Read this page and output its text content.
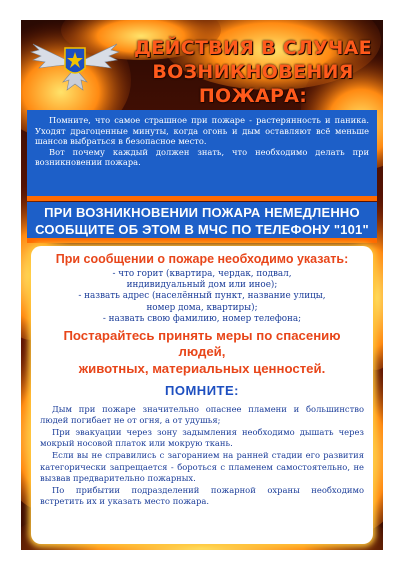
ДЕЙСТВИЯ В СЛУЧАЕ
ВОЗНИКНОВЕНИЯ ПОЖАРА:

Помните, что самое страшное при пожаре - растерянность и паника. Уходят драгоценные минуты, когда огонь и дым оставляют всё меньше шансов выбраться в безопасное место.

Вот почему каждый должен знать, что необходимо делать при возникновении пожара.

ПРИ ВОЗНИКНОВЕНИИ ПОЖАРА НЕМЕДЛЕННО
СООБЩИТЕ ОБ ЭТОМ В МЧС ПО ТЕЛЕФОНУ "101"
При сообщении о пожаре необходимо указать:
- что горит (квартира, чердак, подвал,
индивидуальный дом или иное);
- назвать адрес (населённый пункт, название улицы,
номер дома, квартиры);
- назвать свою фамилию, номер телефона;
Постарайтесь принять меры по спасению людей,
животных, материальных ценностей.
ПОМНИТЕ:

Дым при пожаре значительно опаснее пламени и большинство людей погибает не от огня, а от удушья;

При эвакуации через зону задымления необходимо дышать через мокрый носовой платок или мокрую ткань.

Если вы не справились с загоранием на ранней стадии его развития категорически запрещается - бороться с пламенем самостоятельно, не вызвав предварительно пожарных.

По прибытии подразделений пожарной охраны необходимо встретить их и указать место пожара.
